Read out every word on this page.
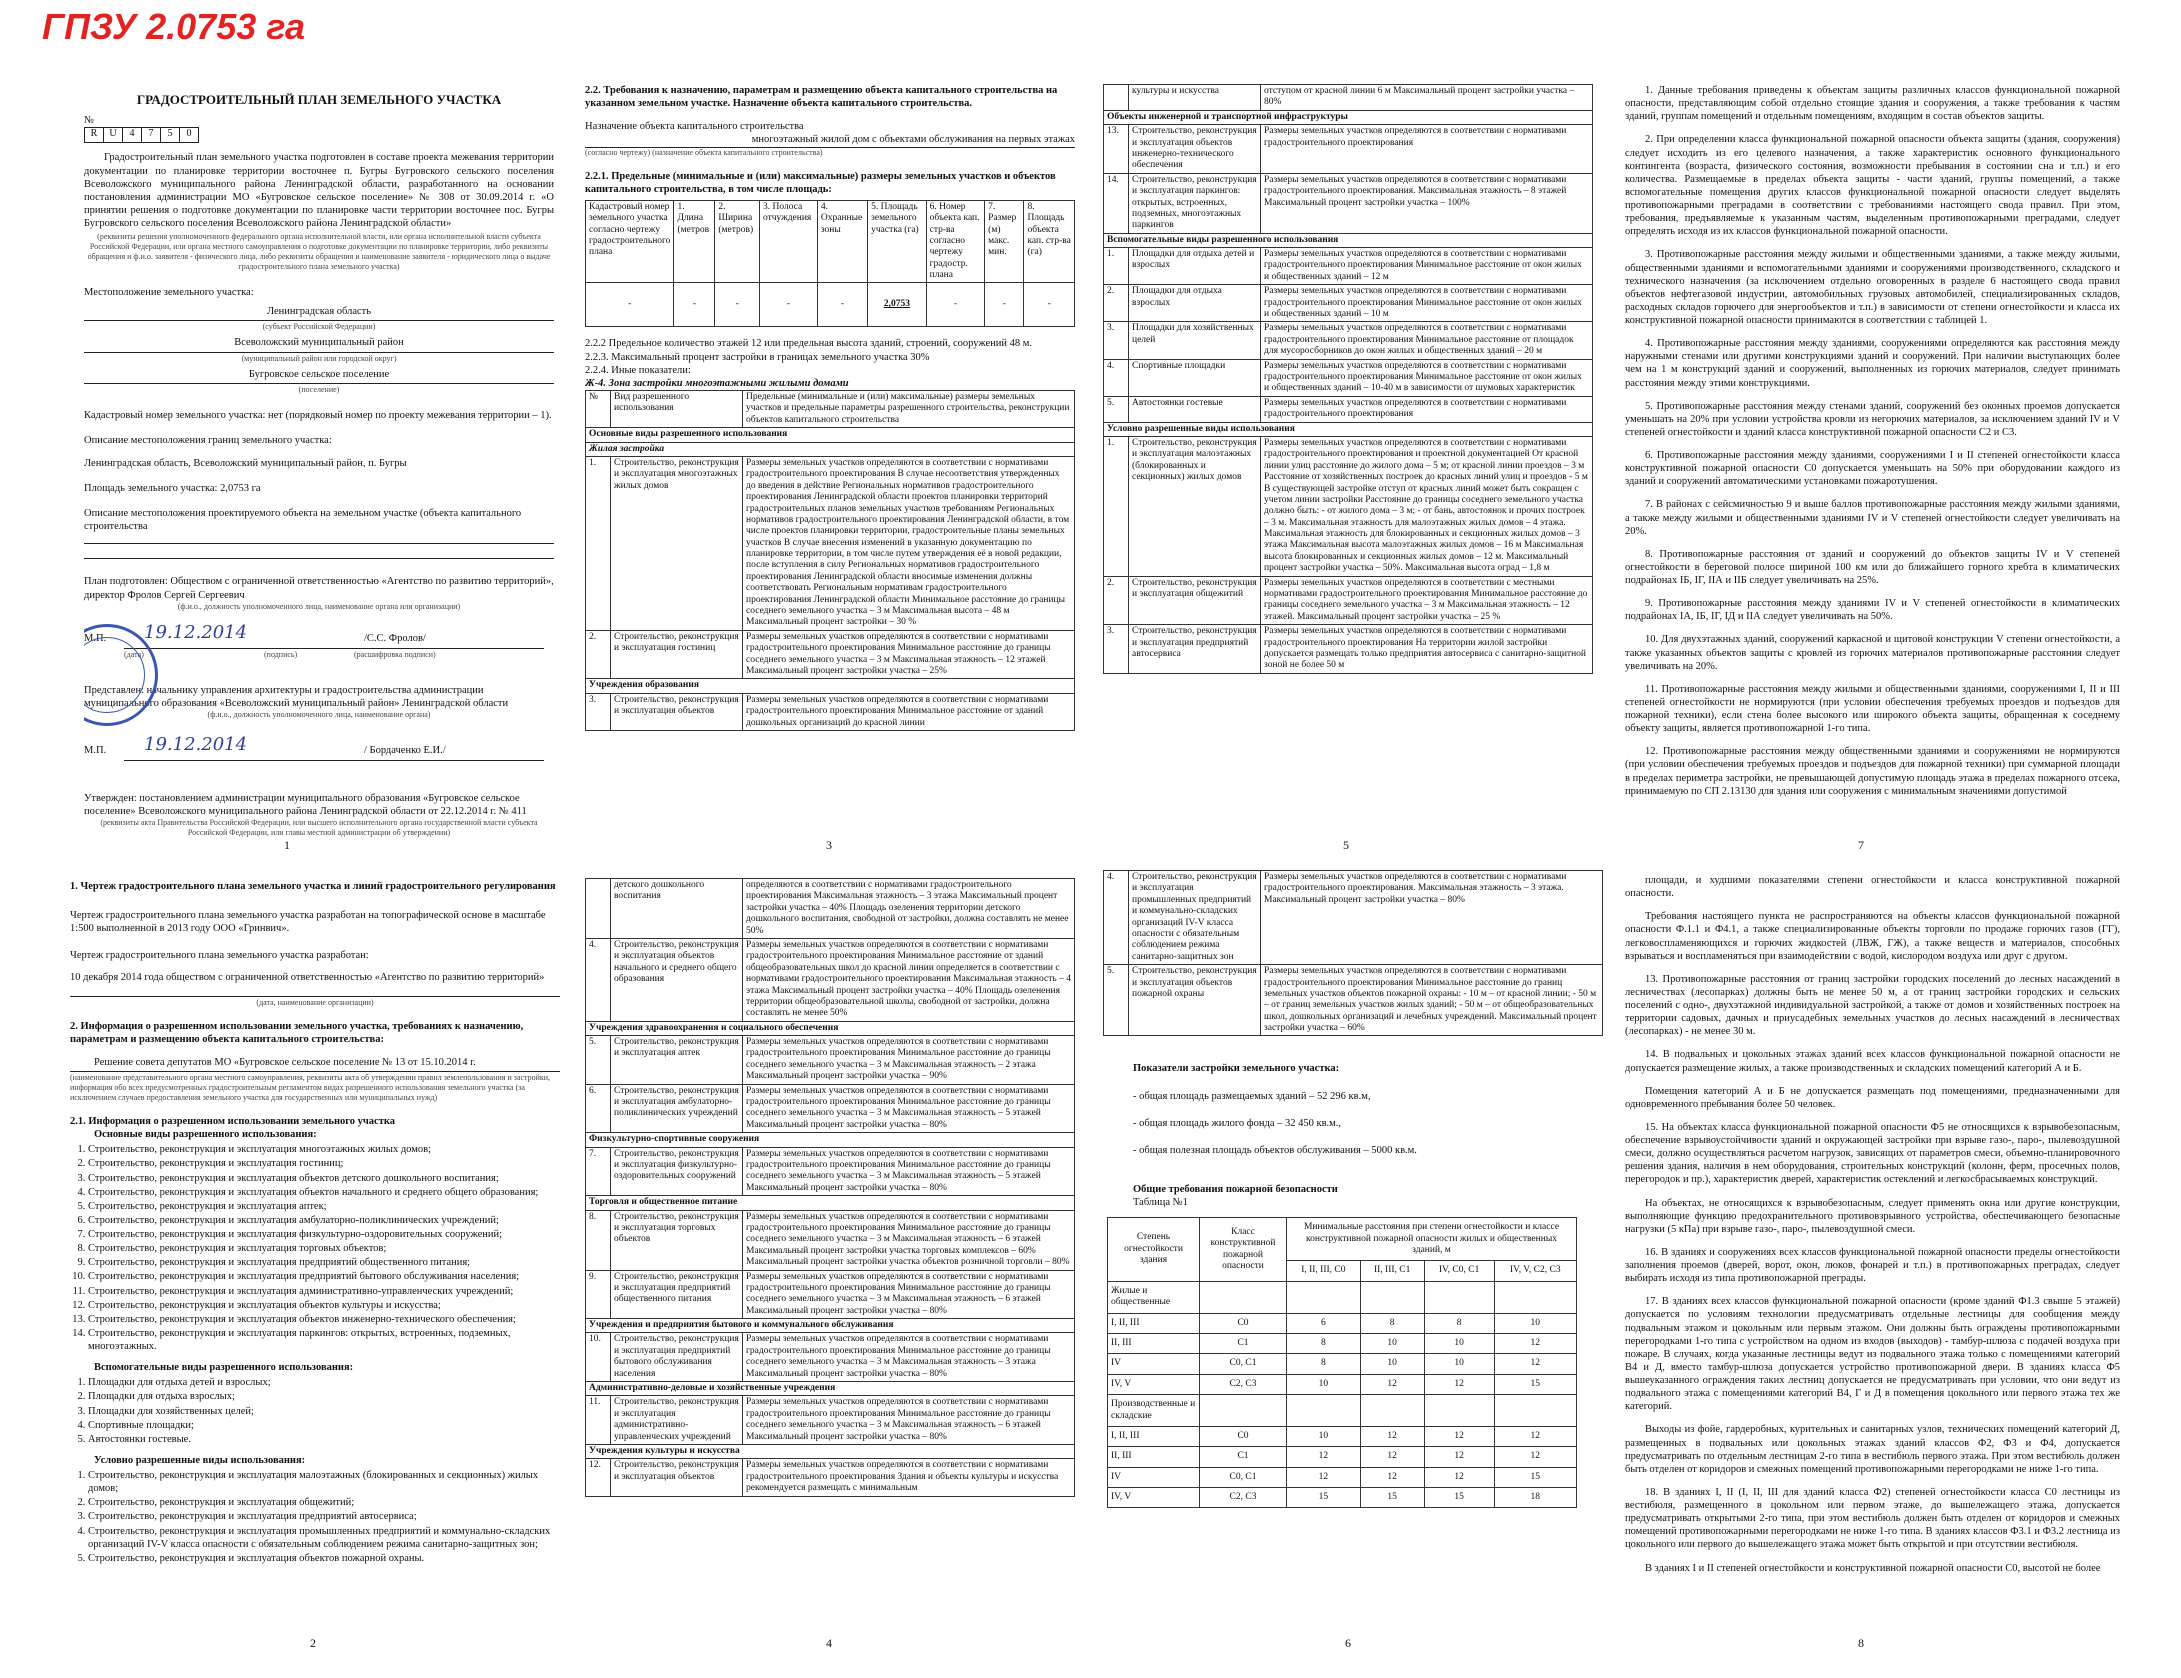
ГПЗУ 2.0753 га
ГРАДОСТРОИТЕЛЬНЫЙ ПЛАН ЗЕМЕЛЬНОГО УЧАСТКА
№
R U 4 7 5 0
Градостроительный план земельного участка подготовлен в составе проекта межевания территории документации по планировке территории восточнее п. Бугры Бугровского сельского поселения Всеволожского муниципального района Ленинградской области, разработанного на основании постановления администрации МО «Бугровское сельское поселение» № 308 от 30.09.2014 г. «О принятии решения о подготовке документации по планировке части территории восточнее пос. Бугры Бугровского сельского поселения Всеволожского района Ленинградской области»
(реквизиты решения уполномоченного федерального органа исполнительной власти, или органа исполнительной власти субъекта Российской Федерации, или органа местного самоуправления о подготовке документации по планировке территории, либо реквизиты обращения и ф.и.о. заявителя - физического лица, либо реквизиты обращения и наименование заявителя - юридического лица о выдаче градостроительного плана земельного участка)
Местоположение земельного участка:
Ленинградская область
(субъект Российской Федерации)
Всеволожский муниципальный район
(муниципальный район или городской округ)
Бугровское сельское поселение
(поселение)
Кадастровый номер земельного участка: нет (порядковый номер по проекту межевания территории – 1).
Описание местоположения границ земельного участка:
Ленинградская область, Всеволожский муниципальный район, п. Бугры
Площадь земельного участка: 2,0753 га
Описание местоположения проектируемого объекта на земельном участке (объекта капитального строительства
План подготовлен: Обществом с ограниченной ответственностью «Агентство по развитию территорий», директор Фролов Сергей Сергеевич
(ф.и.о., должность уполномоченного лица, наименование органа или организации)
М.П. 19.12.2014	/С.С. Фролов/
(дата)	(подпись)	(расшифровка подписи)
Представлен: начальнику управления архитектуры и градостроительства администрации муниципального образования «Всеволожский муниципальный район» Ленинградской области
(ф.и.о., должность уполномоченного лица, наименование органа)
М.П. 19.12.2014	/ Бордаченко Е.И./
Утвержден: постановлением администрации муниципального образования «Бугровское сельское поселение» Всеволожского муниципального района Ленинградской области от 22.12.2014 г. № 411
(реквизиты акта Правительства Российской Федерации, или высшего исполнительного органа государственной власти субъекта Российской Федерации, или главы местной администрации об утверждении)
1
1. Чертеж градостроительного плана земельного участка и линий градостроительного регулирования
Чертеж градостроительного плана земельного участка разработан на топографической основе в масштабе 1:500 выполненной в 2013 году ООО «Гринвич».
Чертеж градостроительного плана земельного участка разработан:
10 декабря 2014 года обществом с ограниченной ответственностью «Агентство по развитию территорий»
(дата, наименование организации)
2. Информация о разрешенном использовании земельного участка, требованиях к назначению, параметрам и размещению объекта капитального строительства:
Решение совета депутатов МО «Бугровское сельское поселение № 13 от 15.10.2014 г.
(наименование представительного органа местного самоуправления, реквизиты акта об утверждении правил землепользования и застройки, информация обо всех предусмотренных градостроительным регламентом видах разрешенного использования земельного участка (за исключением случаев предоставления земельного участка для государственных или муниципальных нужд)
2.1. Информация о разрешенном использовании земельного участка
Основные виды разрешенного использования:
1. Строительство, реконструкция и эксплуатация многоэтажных жилых домов;
2. Строительство, реконструкция и эксплуатация гостиниц;
3. Строительство, реконструкция и эксплуатация объектов детского дошкольного воспитания;
4. Строительство, реконструкция и эксплуатация объектов начального и среднего общего образования;
5. Строительство, реконструкция и эксплуатация аптек;
6. Строительство, реконструкция и эксплуатация амбулаторно-поликлинических учреждений;
7. Строительство, реконструкция и эксплуатация физкультурно-оздоровительных сооружений;
8. Строительство, реконструкция и эксплуатация торговых объектов;
9. Строительство, реконструкция и эксплуатация предприятий общественного питания;
10. Строительство, реконструкция и эксплуатация предприятий бытового обслуживания населения;
11. Строительство, реконструкция и эксплуатация административно-управленческих учреждений;
12. Строительство, реконструкция и эксплуатация объектов культуры и искусства;
13. Строительство, реконструкция и эксплуатация объектов инженерно-технического обеспечения;
14. Строительство, реконструкция и эксплуатация паркингов: открытых, встроенных, подземных, многоэтажных.
Вспомогательные виды разрешенного использования:
1. Площадки для отдыха детей и взрослых;
2. Площадки для отдыха взрослых;
3. Площадки для хозяйственных целей;
4. Спортивные площадки;
5. Автостоянки гостевые.
Условно разрешенные виды использования:
1. Строительство, реконструкция и эксплуатация малоэтажных (блокированных и секционных) жилых домов;
2. Строительство, реконструкция и эксплуатация общежитий;
3. Строительство, реконструкция и эксплуатация предприятий автосервиса;
4. Строительство, реконструкция и эксплуатация промышленных предприятий и коммунально-складских организаций IV-V класса опасности с обязательным соблюдением режима санитарно-защитных зон;
5. Строительство, реконструкция и эксплуатация объектов пожарной охраны.
2
2.2. Требования к назначению, параметрам и размещению объекта капитального строительства на указанном земельном участке. Назначение объекта капитального строительства.
Назначение объекта капитального строительства
многоэтажный жилой дом с объектами обслуживания на первых этажах
(согласно чертежу) (назначение объекта капитального строительства)
2.2.1. Предельные (минимальные и (или) максимальные) размеры земельных участков и объектов капитального строительства, в том числе площадь:
Кадастровый номер земельного участка согласно чертежу градостроительного плана	1. Длина (метров	2. Ширина (метров)	3. Полоса отчуждения	4. Охранные зоны	5. Площадь земельного участка (га)	6. Номер объекта кап. стр-ва согласно чертежу градостр. плана	7. Размер (м) макс. мин.	8. Площадь объекта кап. стр-ва (га)
-	-	-	-	-	2,0753	-	-	-
2.2.2 Предельное количество этажей 12 или предельная высота зданий, строений, сооружений 48 м.
2.2.3. Максимальный процент застройки в границах земельного участка 30%
2.2.4. Иные показатели:
Ж-4. Зона застройки многоэтажными жилыми домами
№	Вид разрешенного использования	Предельные (минимальные и (или) максимальные) размеры земельных участков и предельные параметры разрешенного строительства, реконструкции объектов капитального строительства
Основные виды разрешенного использования		
Жилая застройка		
1.	Строительство, реконструкция и эксплуатация многоэтажных жилых домов	Размеры земельных участков определяются в соответствии с нормативами градостроительного проектирования В случае несоответствия утвержденных до введения в действие Региональных нормативов градостроительного проектирования Ленинградской области проектов планировки территорий градостроительных планов земельных участков требованиям Региональных нормативов градостроительного проектирования Ленинградской области, в том числе проектов планировки территории, градостроительные планы земельных участков В случае внесения изменений в указанную документацию по планировке территории, в том числе путем утверждения её в новой редакции, после вступления в силу Региональных нормативов градостроительного проектирования Ленинградской области вносимые изменения должны соответствовать Региональным нормативам градостроительного проектирования Ленинградской области Минимальное расстояние до границы соседнего земельного участка – 3 м Максимальная высота – 48 м Максимальный процент застройки – 30 %
2.	Строительство, реконструкция и эксплуатация гостиниц	Размеры земельных участков определяются в соответствии с нормативами градостроительного проектирования Минимальное расстояние до границы соседнего земельного участка – 3 м Максимальная этажность – 12 этажей Максимальный процент застройки участка – 25%
Учреждения образования		
3.	Строительство, реконструкция и эксплуатация объектов	Размеры земельных участков определяются в соответствии с нормативами градостроительного проектирования Минимальное расстояние от зданий дошкольных организаций до красной линии
3
	детского дошкольного воспитания	определяются в соответствии с нормативами градостроительного проектирования Максимальная этажность – 3 этажа Максимальный процент застройки участка – 40% Площадь озеленения территории детского дошкольного воспитания, свободной от застройки, должна составлять не менее 50%
4.	Строительство, реконструкция и эксплуатация объектов начального и среднего общего образования	Размеры земельных участков определяются в соответствии с нормативами градостроительного проектирования Минимальное расстояние от зданий общеобразовательных школ до красной линии определяется в соответствии с нормативами градостроительного проектирования Максимальная этажность – 4 этажа Максимальный процент застройки участка – 40% Площадь озеленения территории общеобразовательной школы, свободной от застройки, должна составлять не менее 50%
Учреждения здравоохранения и социального обеспечения		
5.	Строительство, реконструкция и эксплуатация аптек	Размеры земельных участков определяются в соответствии с нормативами градостроительного проектирования Минимальное расстояние до границы соседнего земельного участка – 3 м Максимальная этажность – 2 этажа Максимальный процент застройки участка – 90%
6.	Строительство, реконструкция и эксплуатация амбулаторно-поликлинических учреждений	Размеры земельных участков определяются в соответствии с нормативами градостроительного проектирования Минимальное расстояние до границы соседнего земельного участка – 3 м Максимальная этажность – 5 этажей Максимальный процент застройки участка – 80%
Физкультурно-спортивные сооружения		
7.	Строительство, реконструкция и эксплуатация физкультурно-оздоровительных сооружений	Размеры земельных участков определяются в соответствии с нормативами градостроительного проектирования Минимальное расстояние до границы соседнего земельного участка – 3 м Максимальная этажность – 5 этажей Максимальный процент застройки участка – 80%
Торговля и общественное питание		
8.	Строительство, реконструкция и эксплуатация торговых объектов	Размеры земельных участков определяются в соответствии с нормативами градостроительного проектирования Минимальное расстояние до границы соседнего земельного участка – 3 м Максимальная этажность – 6 этажей Максимальный процент застройки участка торговых комплексов – 60% Максимальный процент застройки участка объектов розничной торговли – 80%
9.	Строительство, реконструкция и эксплуатация предприятий общественного питания	Размеры земельных участков определяются в соответствии с нормативами градостроительного проектирования Минимальное расстояние до границы соседнего земельного участка – 3 м Максимальная этажность – 6 этажей Максимальный процент застройки участка – 80%
Учреждения и предприятия бытового и коммунального обслуживания		
10.	Строительство, реконструкция и эксплуатация предприятий бытового обслуживания населения	Размеры земельных участков определяются в соответствии с нормативами градостроительного проектирования Минимальное расстояние до границы соседнего земельного участка – 3 м Максимальная этажность – 3 этажа Максимальный процент застройки участка – 80%
Административно-деловые и хозяйственные учреждения		
11.	Строительство, реконструкция и эксплуатация административно-управленческих учреждений	Размеры земельных участков определяются в соответствии с нормативами градостроительного проектирования Минимальное расстояние до границы соседнего земельного участка – 3 м Максимальная этажность – 6 этажей Максимальный процент застройки участка – 80%
Учреждения культуры и искусства		
12.	Строительство, реконструкция и эксплуатация объектов	Размеры земельных участков определяются в соответствии с нормативами градостроительного проектирования Здания и объекты культуры и искусства рекомендуется размещать с минимальным
4
	культуры и искусства	отступом от красной линии 6 м Максимальный процент застройки участка – 80%
Объекты инженерной и транспортной инфраструктуры		
13.	Строительство, реконструкция и эксплуатация объектов инженерно-технического обеспечения	Размеры земельных участков определяются в соответствии с нормативами градостроительного проектирования
14.	Строительство, реконструкция и эксплуатация паркингов: открытых, встроенных, подземных, многоэтажных паркингов	Размеры земельных участков определяются в соответствии с нормативами градостроительного проектирования. Максимальная этажность – 8 этажей Максимальный процент застройки участка – 100%
Вспомогательные виды разрешенного использования		
1.	Площадки для отдыха детей и взрослых	Размеры земельных участков определяются в соответствии с нормативами градостроительного проектирования Минимальное расстояние от окон жилых и общественных зданий – 12 м
2.	Площадки для отдыха взрослых	Размеры земельных участков определяются в соответствии с нормативами градостроительного проектирования Минимальное расстояние от окон жилых и общественных зданий – 10 м
3.	Площадки для хозяйственных целей	Размеры земельных участков определяются в соответствии с нормативами градостроительного проектирования Минимальное расстояние от площадок для мусоросборников до окон жилых и общественных зданий – 20 м
4.	Спортивные площадки	Размеры земельных участков определяются в соответствии с нормативами градостроительного проектирования Минимальное расстояние от окон жилых и общественных зданий – 10-40 м в зависимости от шумовых характеристик
5.	Автостоянки гостевые	Размеры земельных участков определяются в соответствии с нормативами градостроительного проектирования
Условно разрешенные виды использования		
1.	Строительство, реконструкция и эксплуатация малоэтажных (блокированных и секционных) жилых домов	Размеры земельных участков определяются в соответствии с нормативами градостроительного проектирования и проектной документацией От красной линии улиц расстояние до жилого дома – 5 м; от красной линии проездов – 3 м Расстояние от хозяйственных построек до красных линий улиц и проездов - 5 м В существующей застройке отступ от красных линий может быть сокращен с учетом линии застройки Расстояние до границы соседнего земельного участка должно быть: - от жилого дома – 3 м; - от бань, автостоянок и прочих построек – 3 м. Максимальная этажность для малоэтажных жилых домов – 4 этажа. Максимальная этажность для блокированных и секционных жилых домов – 3 этажа Максимальная высота малоэтажных жилых домов – 16 м Максимальная высота блокированных и секционных жилых домов – 12 м. Максимальный процент застройки участка – 50%. Максимальная высота оград – 1,8 м
2.	Строительство, реконструкция и эксплуатация общежитий	Размеры земельных участков определяются в соответствии с местными нормативами градостроительного проектирования Минимальное расстояние до границы соседнего земельного участка – 3 м Максимальная этажность – 12 этажей. Максимальный процент застройки участка – 25 %
3.	Строительство, реконструкция и эксплуатация предприятий автосервиса	Размеры земельных участков определяются в соответствии с нормативами градостроительного проектирования На территории жилой застройки допускается размещать только предприятия автосервиса с санитарно-защитной зоной не более 50 м
5
4.	Строительство, реконструкция и эксплуатация промышленных предприятий и коммунально-складских организаций IV-V класса опасности с обязательным соблюдением режима санитарно-защитных зон	Размеры земельных участков определяются в соответствии с нормативами градостроительного проектирования. Максимальная этажность – 3 этажа. Максимальный процент застройки участка – 80%
5.	Строительство, реконструкция и эксплуатация объектов пожарной охраны	Размеры земельных участков определяются в соответствии с нормативами градостроительного проектирования Минимальное расстояние до границ земельных участков объектов пожарной охраны: - 10 м – от красной линии; - 50 м – от границ земельных участков жилых зданий; - 50 м – от общеобразовательных школ, дошкольных организаций и лечебных учреждений. Максимальный процент застройки участка – 60%
Показатели застройки земельного участка:
- общая площадь размещаемых зданий – 52 296 кв.м,
- общая площадь жилого фонда – 32 450 кв.м.,
- общая полезная площадь объектов обслуживания – 5000 кв.м.
Общие требования пожарной безопасности
Таблица №1
Степень огнестойкости здания	Класс конструктивной пожарной опасности	Минимальные расстояния при степени огнестойкости и классе конструктивной пожарной опасности жилых и общественных зданий, м			
		I, II, III, C0	II, III, C1	IV, C0, C1	IV, V, C2, C3
Жилые и общественные					
I, II, III	C0	6	8	8	10
II, III	C1	8	10	10	12
IV	C0, C1	8	10	10	12
IV, V	C2, C3	10	12	12	15
Производственные и складские					
I, II, III	C0	10	12	12	12
II, III	C1	12	12	12	12
IV	C0, C1	12	12	12	15
IV, V	C2, C3	15	15	15	18
6
1. Данные требования приведены к объектам защиты различных классов функциональной пожарной опасности, представляющим собой отдельно стоящие здания и сооружения, а также требования к частям зданий, группам помещений и отдельным помещениям, входящим в состав объектов защиты.
2. При определении класса функциональной пожарной опасности объекта защиты (здания, сооружения) следует исходить из его целевого назначения, а также характеристик основного функционального контингента (возраста, физического состояния, возможности пребывания в состоянии сна и т.п.) и его количества. Размещаемые в пределах объекта защиты - части зданий, группы помещений, а также вспомогательные помещения других классов функциональной пожарной опасности следует выделять противопожарными преградами в соответствии с требованиями настоящего свода правил. При этом, требования, предъявляемые к указанным частям, выделенным противопожарными преградами, следует определять исходя из их классов функциональной пожарной опасности.
3. Противопожарные расстояния между жилыми и общественными зданиями, а также между жилыми, общественными зданиями и вспомогательными зданиями и сооружениями производственного, складского и технического назначения (за исключением отдельно оговоренных в разделе 6 настоящего свода правил объектов нефтегазовой индустрии, автомобильных грузовых автомобилей, специализированных складов, расходных складов горючего для энергообъектов и т.п.) в зависимости от степени огнестойкости и класса их конструктивной пожарной опасности принимаются в соответствии с таблицей 1.
4. Противопожарные расстояния между зданиями, сооружениями определяются как расстояния между наружными стенами или другими конструкциями зданий и сооружений. При наличии выступающих более чем на 1 м конструкций зданий и сооружений, выполненных из горючих материалов, следует принимать расстояния между этими конструкциями.
5. Противопожарные расстояния между стенами зданий, сооружений без оконных проемов допускается уменьшать на 20% при условии устройства кровли из негорючих материалов, за исключением зданий IV и V степеней огнестойкости и зданий класса конструктивной пожарной опасности С2 и С3.
6. Противопожарные расстояния между зданиями, сооружениями I и II степеней огнестойкости класса конструктивной пожарной опасности С0 допускается уменьшать на 50% при оборудовании каждого из зданий и сооружений автоматическими установками пожаротушения.
7. В районах с сейсмичностью 9 и выше баллов противопожарные расстояния между жилыми зданиями, а также между жилыми и общественными зданиями IV и V степеней огнестойкости следует увеличивать на 20%.
8. Противопожарные расстояния от зданий и сооружений до объектов защиты IV и V степеней огнестойкости в береговой полосе шириной 100 км или до ближайшего горного хребта в климатических подрайонах IБ, IГ, IIА и IIБ следует увеличивать на 25%.
9. Противопожарные расстояния между зданиями IV и V степеней огнестойкости в климатических подрайонах IА, IБ, IГ, IД и IIА следует увеличивать на 50%.
10. Для двухэтажных зданий, сооружений каркасной и щитовой конструкции V степени огнестойкости, а также указанных объектов защиты с кровлей из горючих материалов противопожарные расстояния следует увеличивать на 20%.
11. Противопожарные расстояния между жилыми и общественными зданиями, сооружениями I, II и III степеней огнестойкости не нормируются (при условии обеспечения требуемых проездов и подъездов для пожарной техники), если стена более высокого или широкого объекта защиты, обращенная к соседнему объекту защиты, является противопожарной 1-го типа.
12. Противопожарные расстояния между общественными зданиями и сооружениями не нормируются (при условии обеспечения требуемых проездов и подъездов для пожарной техники) при суммарной площади в пределах периметра застройки, не превышающей допустимую площадь этажа в пределах пожарного отсека, принимаемую по СП 2.13130 для здания или сооружения с минимальным значениями допустимой
7
площади, и худшими показателями степени огнестойкости и класса конструктивной пожарной опасности.
Требования настоящего пункта не распространяются на объекты классов функциональной пожарной опасности Ф.1.1 и Ф4.1, а также специализированные объекты торговли по продаже горючих газов (ГГ), легковоспламеняющихся и горючих жидкостей (ЛВЖ, ГЖ), а также веществ и материалов, способных взрываться и воспламеняться при взаимодействии с водой, кислородом воздуха или друг с другом.
13. Противопожарные расстояния от границ застройки городских поселений до лесных насаждений в лесничествах (лесопарках) должны быть не менее 50 м, а от границ застройки городских и сельских поселений с одно-, двухэтажной индивидуальной застройкой, а также от домов и хозяйственных построек на территории садовых, дачных и приусадебных земельных участков до лесных насаждений в лесничествах (лесопарках) - не менее 30 м.
14. В подвальных и цокольных этажах зданий всех классов функциональной пожарной опасности не допускается размещение жилых, а также производственных и складских помещений категорий А и Б.
Помещения категорий А и Б не допускается размещать под помещениями, предназначенными для одновременного пребывания более 50 человек.
15. На объектах класса функциональной пожарной опасности Ф5 не относящихся к взрывобезопасным, обеспечение взрывоустойчивости зданий и окружающей застройки при взрыве газо-, паро-, пылевоздушной смеси, должно осуществляться расчетом нагрузок, зависящих от параметров смеси, объемно-планировочного решения здания, наличия в нем оборудования, строительных конструкций (колонн, ферм, просечных полов, перегородок и пр.), характеристик дверей, характеристик остеклений и легкосбрасываемых конструкций.
На объектах, не относящихся к взрывобезопасным, следует применять окна или другие конструкции, выполняющие функцию предохранительного противовзрывного устройства, обеспечивающего безопасные нагрузки (5 кПа) при взрыве газо-, паро-, пылевоздушной смеси.
16. В зданиях и сооружениях всех классов функциональной пожарной опасности пределы огнестойкости заполнения проемов (дверей, ворот, окон, люков, фонарей и т.п.) в противопожарных преградах, следует выбирать исходя из типа противопожарной преграды.
17. В зданиях всех классов функциональной пожарной опасности (кроме зданий Ф1.3 свыше 5 этажей) допускается по условиям технологии предусматривать отдельные лестницы для сообщения между подвальным этажом и цокольным или первым этажом. Они должны быть ограждены противопожарными перегородками 1-го типа с устройством на одном из входов (выходов) - тамбур-шлюза с подачей воздуха при пожаре. В случаях, когда указанные лестницы ведут из подвального этажа только с помещениями категорий В4 и Д, вместо тамбур-шлюза допускается устройство противопожарной двери. В зданиях класса Ф5 вышеуказанного ограждения таких лестниц допускается не предусматривать при условии, что они ведут из подвального этажа с помещениями категорий В4, Г и Д в помещения цокольного или первого этажа тех же категорий.
Выходы из фойе, гардеробных, курительных и санитарных узлов, технических помещений категорий Д, размещенных в подвальных или цокольных этажах зданий классов Ф2, Ф3 и Ф4, допускается предусматривать по отдельным лестницам 2-го типа в вестибюль первого этажа. При этом вестибюль должен быть отделен от коридоров и смежных помещений противопожарными перегородками не ниже 1-го типа.
18. В зданиях I, II (I, II, III для зданий класса Ф2) степеней огнестойкости класса С0 лестницы из вестибюля, размещенного в цокольном или первом этаже, до вышележащего этажа, допускается предусматривать открытыми 2-го типа, при этом вестибюль должен быть отделен от коридоров и смежных помещений противопожарными перегородками не ниже 1-го типа. В зданиях классов Ф3.1 и Ф3.2 лестница из цокольного или первого до вышележащего этажа может быть открытой и при отсутствии вестибюля.
В зданиях I и II степеней огнестойкости и конструктивной пожарной опасности С0, высотой не более
8
